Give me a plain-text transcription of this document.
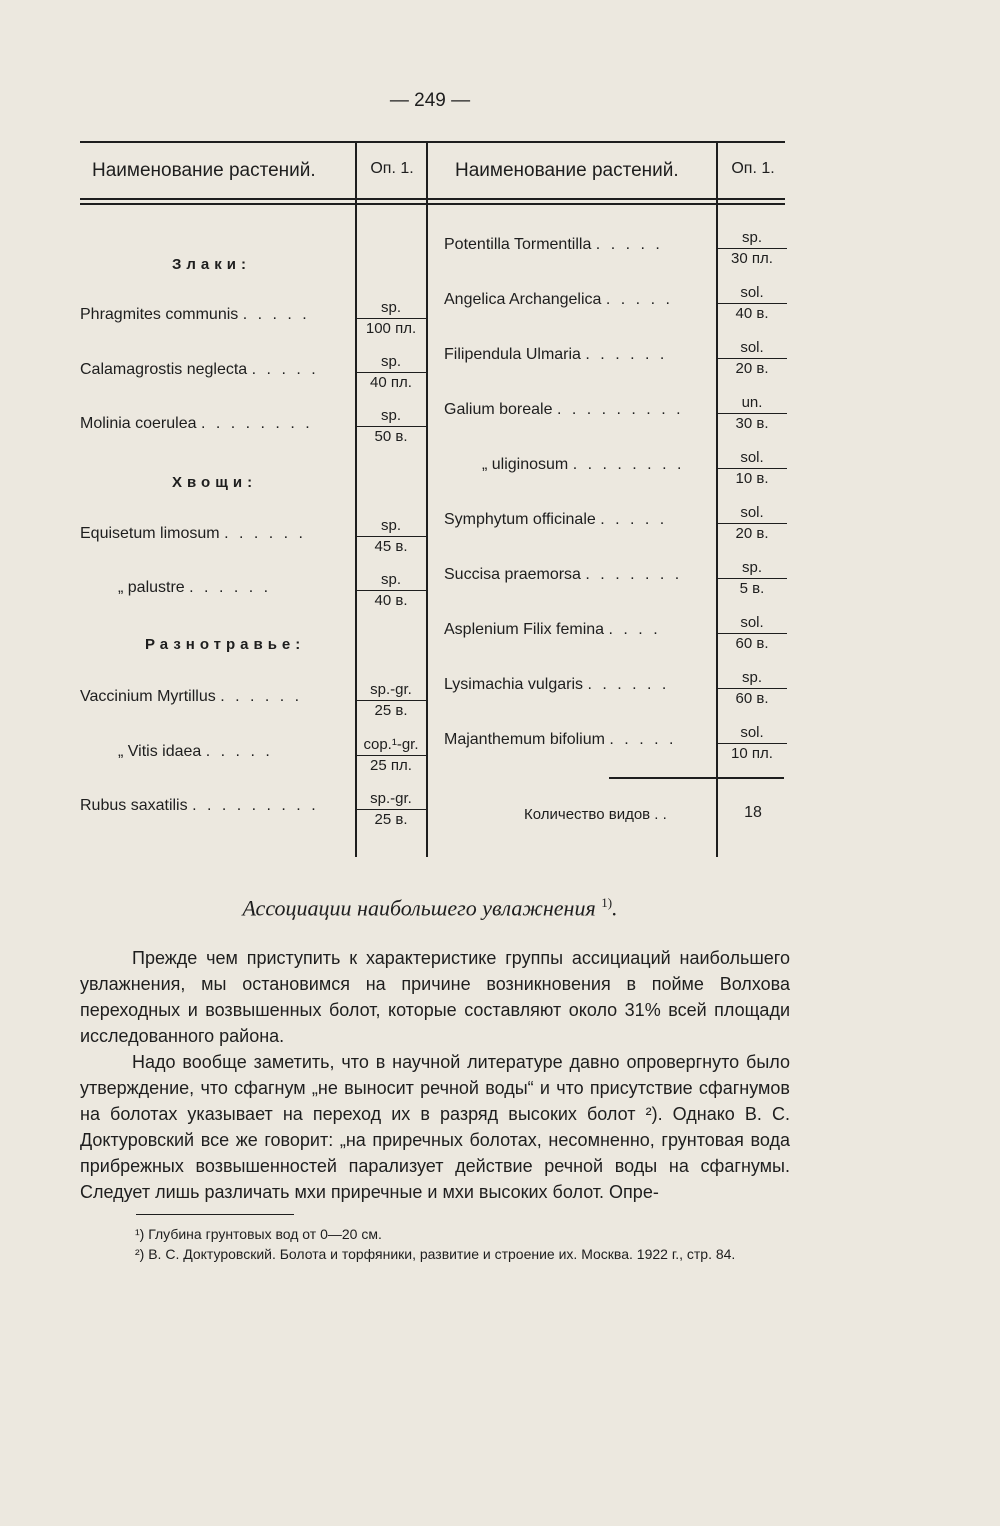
— 249 —
Наименование растений.	Оп. 1.	Наименование растений.	Оп. 1.
Злаки:
Хвощи:
Разнотравье:
Phragmites communis . . . . .	sp.
100 пл.
Calamagrostis neglecta . . . . .	sp.
40 пл.
Molinia coerulea . . . . . . . .	sp.
50 в.
Equisetum limosum . . . . . .	sp.
45 в.
„ palustre . . . . . .	sp.
40 в.
Vaccinium Myrtillus . . . . . .	sp.-gr.
25 в.
„ Vitis idaea . . . . .	cop.¹-gr.
25 пл.
Rubus saxatilis . . . . . . . . .	sp.-gr.
25 в.
Potentilla Tormentilla . . . . .	sp.
30 пл.
Angelica Archangelica . . . . .	sol.
40 в.
Filipendula Ulmaria . . . . . .	sol.
20 в.
Galium boreale . . . . . . . . .	un.
30 в.
„ uliginosum . . . . . . . .	sol.
10 в.
Symphytum officinale . . . . .	sol.
20 в.
Succisa praemorsa . . . . . . .	sp.
5 в.
Asplenium Filix femina . . . .	sol.
60 в.
Lysimachia vulgaris . . . . . .	sp.
60 в.
Majanthemum bifolium . . . . .	sol.
10 пл.
Количество видов . .	18
Ассоциации наибольшего увлажнения $^{1)}$.

Прежде чем приступить к характеристике группы ассициаций наибольшего увлажнения, мы остановимся на причине возникновения в пойме Волхова переходных и возвышенных болот, которые составляют около 31% всей площади исследованного района.

Надо вообще заметить, что в научной литературе давно опровергнуто было утверждение, что сфагнум „не выносит речной воды“ и что присутствие сфагнумов на болотах указывает на переход их в разряд высоких болот ²). Однако В. С. Доктуровский все же говорит: „на приречных болотах, несомненно, грунтовая вода прибрежных возвышенностей парализует действие речной воды на сфагнумы. Следует лишь различать мхи приречные и мхи высоких болот. Опре-

¹) Глубина грунтовых вод от 0—20 см.

²) В. С. Доктуровский. Болота и торфяники, развитие и строение их. Москва. 1922 г., стр. 84.
